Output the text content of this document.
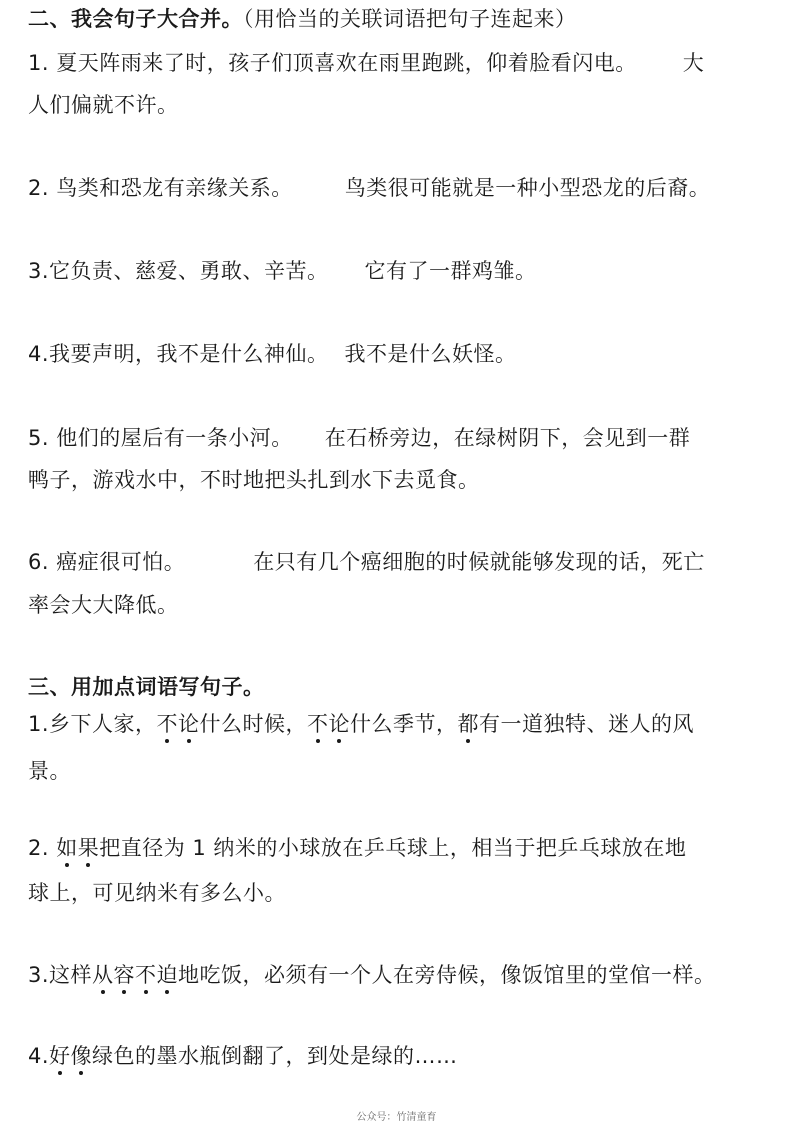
二、我会句子大合并。（用恰当的关联词语把句子连起来）
1. 夏天阵雨来了时，孩子们顶喜欢在雨里跑跳，仰着脸看闪电。 大
人们偏就不许。
2. 鸟类和恐龙有亲缘关系。 鸟类很可能就是一种小型恐龙的后裔。
3.它负责、慈爱、勇敢、辛苦。 它有了一群鸡雏。
4.我要声明，我不是什么神仙。 我不是什么妖怪。
5. 他们的屋后有一条小河。 在石桥旁边，在绿树阴下，会见到一群
鸭子，游戏水中，不时地把头扎到水下去觅食。
6. 癌症很可怕。	在只有几个癌细胞的时候就能够发现的话，死亡
率会大大降低。
三、用加点词语写句子。
1.乡下人家，不论什么时候，不论什么季节，都有一道独特、迷人的风
景。
2. 如果把直径为 1 纳米的小球放在乒乓球上，相当于把乒乓球放在地
球上，可见纳米有多么小。
3.这样从容不迫地吃饭，必须有一个人在旁侍候，像饭馆里的堂倌一样。
4.好像绿色的墨水瓶倒翻了，到处是绿的……
公众号：竹清童育
